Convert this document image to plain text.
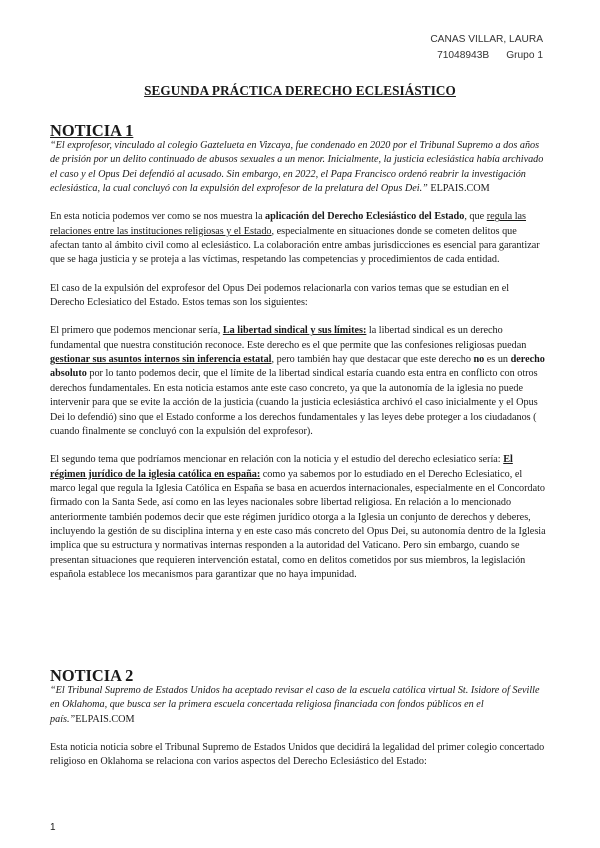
CANAS VILLAR, LAURA
71048943B Grupo 1
SEGUNDA PRÁCTICA DERECHO ECLESIÁSTICO
NOTICIA 1

“El exprofesor, vinculado al colegio Gaztelueta en Vizcaya, fue condenado en 2020 por el Tribunal Supremo a dos años de prisión por un delito continuado de abusos sexuales a un menor. Inicialmente, la justicia eclesiástica había archivado el caso y el Opus Dei defendió al acusado. Sin embargo, en 2022, el Papa Francisco ordenó reabrir la investigación eclesiástica, la cual concluyó con la expulsión del exprofesor de la prelatura del Opus Dei.” ELPAIS.COM

En esta noticia podemos ver como se nos muestra la aplicación del Derecho Eclesiástico del Estado, que regula las relaciones entre las instituciones religiosas y el Estado, especialmente en situaciones donde se cometen delitos que afectan tanto al ámbito civil como al eclesiástico. La colaboración entre ambas jurisdicciones es esencial para garantizar que se haga justicia y se proteja a las víctimas, respetando las competencias y procedimientos de cada entidad.

El caso de la expulsión del exprofesor del Opus Dei podemos relacionarla con varios temas que se estudian en el Derecho Eclesiatico del Estado. Estos temas son los siguientes:

El primero que podemos mencionar sería, La libertad sindical y sus límites: la libertad sindical es un derecho fundamental que nuestra constitución reconoce. Este derecho es el que permite que las confesiones religiosas puedan gestionar sus asuntos internos sin inferencia estatal, pero también hay que destacar que este derecho no es un derecho absoluto por lo tanto podemos decir, que el límite de la libertad sindical estaría cuando esta entra en conflicto con otros derechos fundamentales. En esta noticia estamos ante este caso concreto, ya que la autonomía de la iglesia no puede intervenir para que se evite la acción de la justicia (cuando la justicia eclesiástica archivó el caso inicialmente y el Opus Dei lo defendió) sino que el Estado conforme a los derechos fundamentales y las leyes debe proteger a los ciudadanos ( cuando finalmente se concluyó con la expulsión del exprofesor).

El segundo tema que podríamos mencionar en relación con la noticia y el estudio del derecho eclesiatico sería: El régimen jurídico de la iglesia católica en españa: como ya sabemos por lo estudiado en el Derecho Eclesiatico, el marco legal que regula la Iglesia Católica en España se basa en acuerdos internacionales, especialmente en el Concordato firmado con la Santa Sede, así como en las leyes nacionales sobre libertad religiosa. En relación a lo mencionado anteriormente también podemos decir que este régimen jurídico otorga a la Iglesia un conjunto de derechos y deberes, incluyendo la gestión de su disciplina interna y en este caso más concreto del Opus Dei, su autonomía dentro de la Iglesia implica que su estructura y normativas internas responden a la autoridad del Vaticano. Pero sin embargo, cuando se presentan situaciones que requieren intervención estatal, como en delitos cometidos por sus miembros, la legislación española establece los mecanismos para garantizar que no haya impunidad.

NOTICIA 2

“El Tribunal Supremo de Estados Unidos ha aceptado revisar el caso de la escuela católica virtual St. Isidore of Seville en Oklahoma, que busca ser la primera escuela concertada religiosa financiada con fondos públicos en el país.”ELPAIS.COM

Esta noticia noticia sobre el Tribunal Supremo de Estados Unidos que decidirá la legalidad del primer colegio concertado religioso en Oklahoma se relaciona con varios aspectos del Derecho Eclesiástico del Estado:

1
